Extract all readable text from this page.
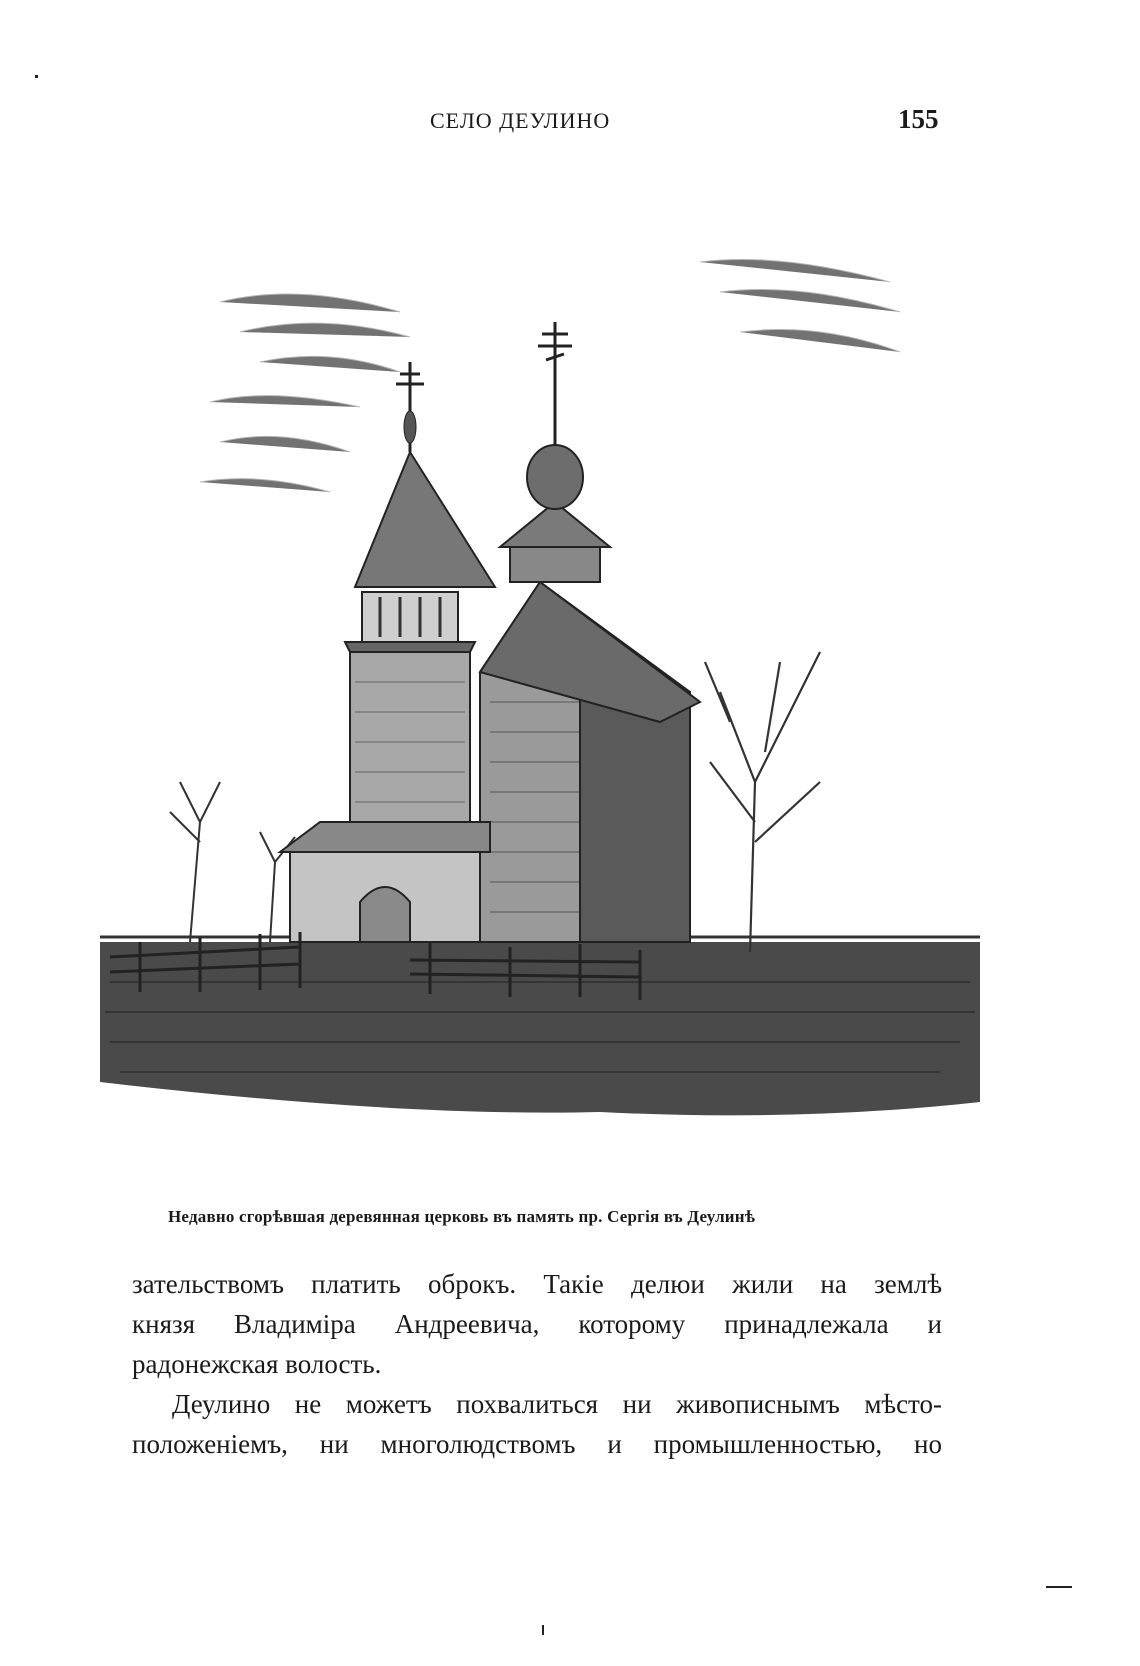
СЕЛО ДЕУЛИНО	155
Недавно сгорѣвшая деревянная церковь въ память пр. Сергія въ Деулинѣ

зательствомъ платить оброкъ. Такіе делюи жили на землѣ

князя Владиміра Андреевича, которому принадлежала и

радонежская волость.

Деулино не можетъ похвалиться ни живописнымъ мѣсто-

положеніемъ, ни многолюдствомъ и промышленностью, но
